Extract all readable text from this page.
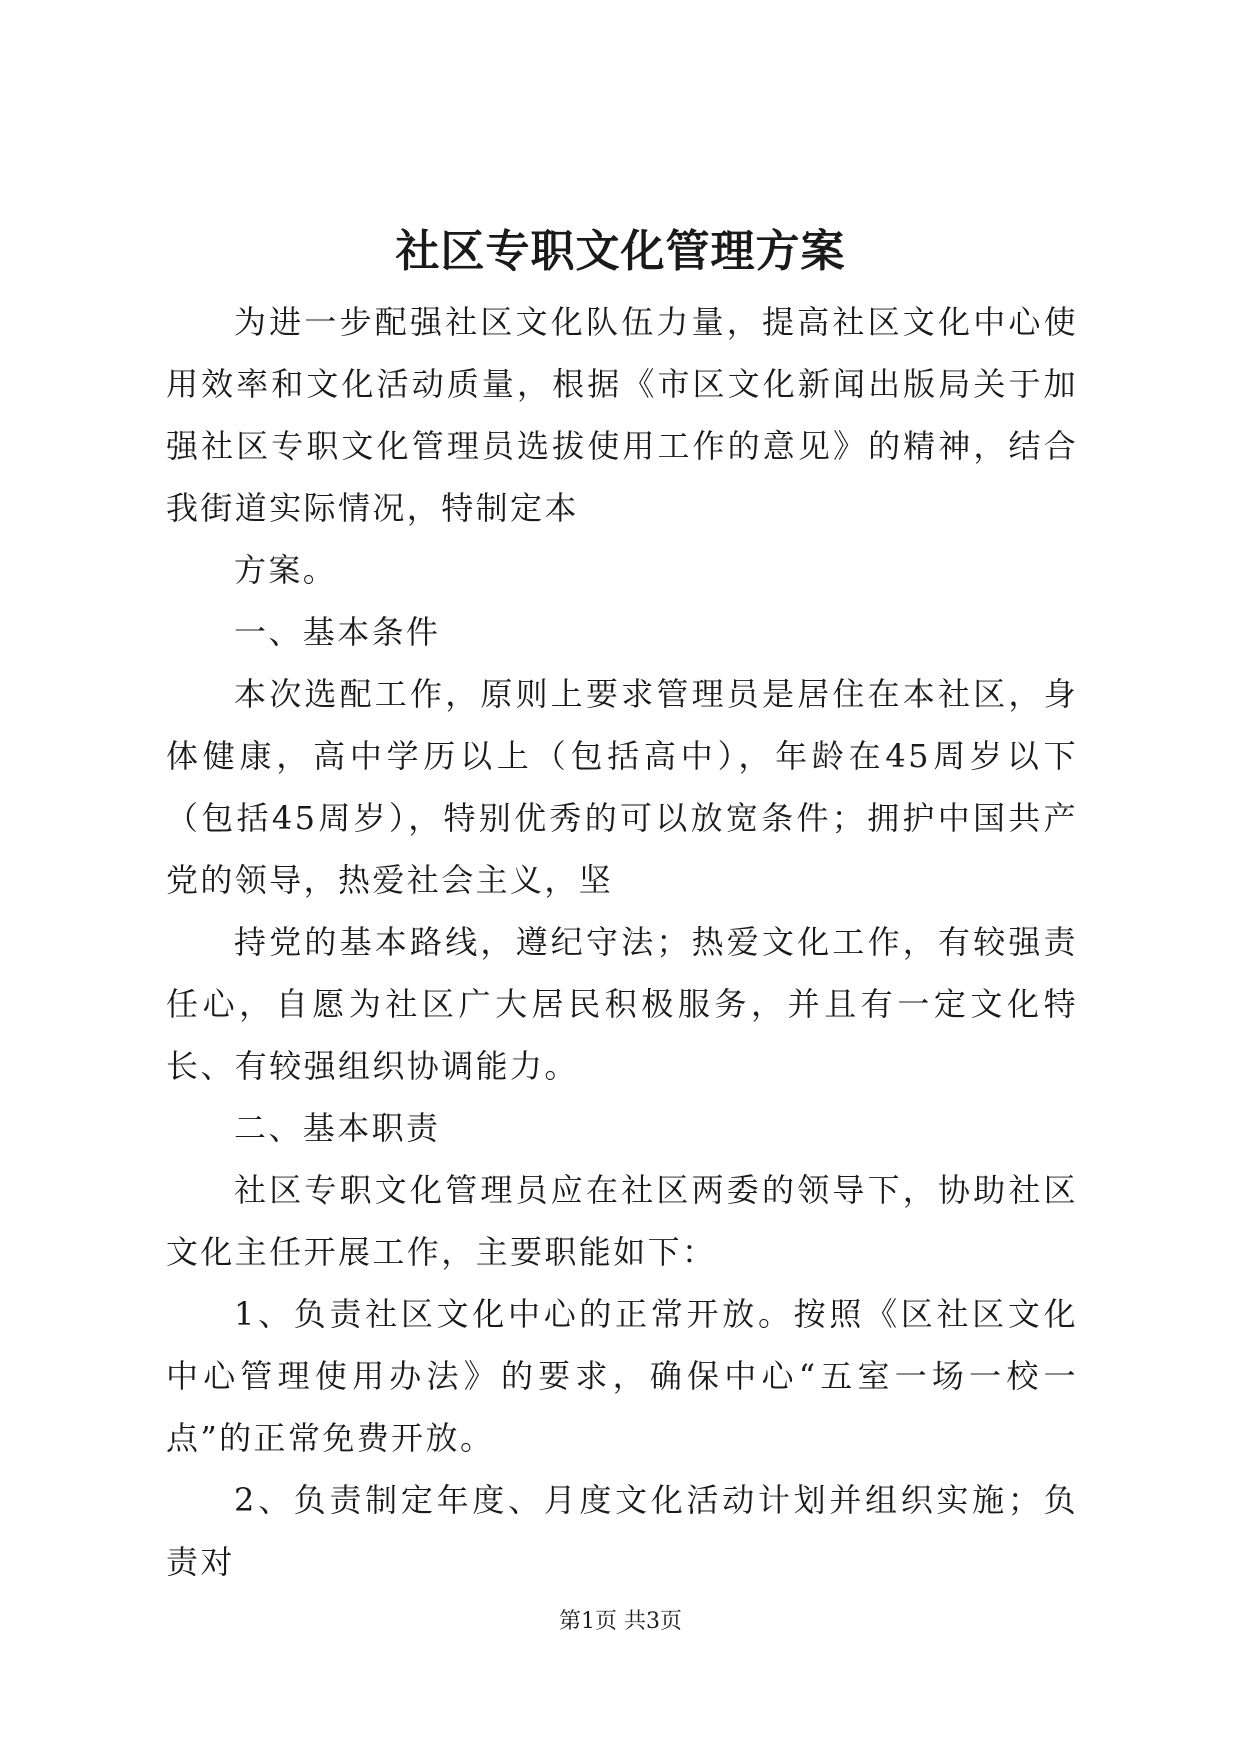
社区专职文化管理方案

为进一步配强社区文化队伍力量，提高社区文化中心使用效率和文化活动质量，根据《市区文化新闻出版局关于加强社区专职文化管理员选拔使用工作的意见》的精神，结合我街道实际情况，特制定本

方案。

一、基本条件

本次选配工作，原则上要求管理员是居住在本社区，身体健康，高中学历以上（包括高中），年龄在45周岁以下（包括45周岁），特别优秀的可以放宽条件；拥护中国共产党的领导，热爱社会主义，坚

持党的基本路线，遵纪守法；热爱文化工作，有较强责任心，自愿为社区广大居民积极服务，并且有一定文化特长、有较强组织协调能力。

二、基本职责

社区专职文化管理员应在社区两委的领导下，协助社区文化主任开展工作，主要职能如下：

1、负责社区文化中心的正常开放。按照《区社区文化中心管理使用办法》的要求，确保中心“五室一场一校一点”的正常免费开放。

2、负责制定年度、月度文化活动计划并组织实施；负责对

第1页 共3页
